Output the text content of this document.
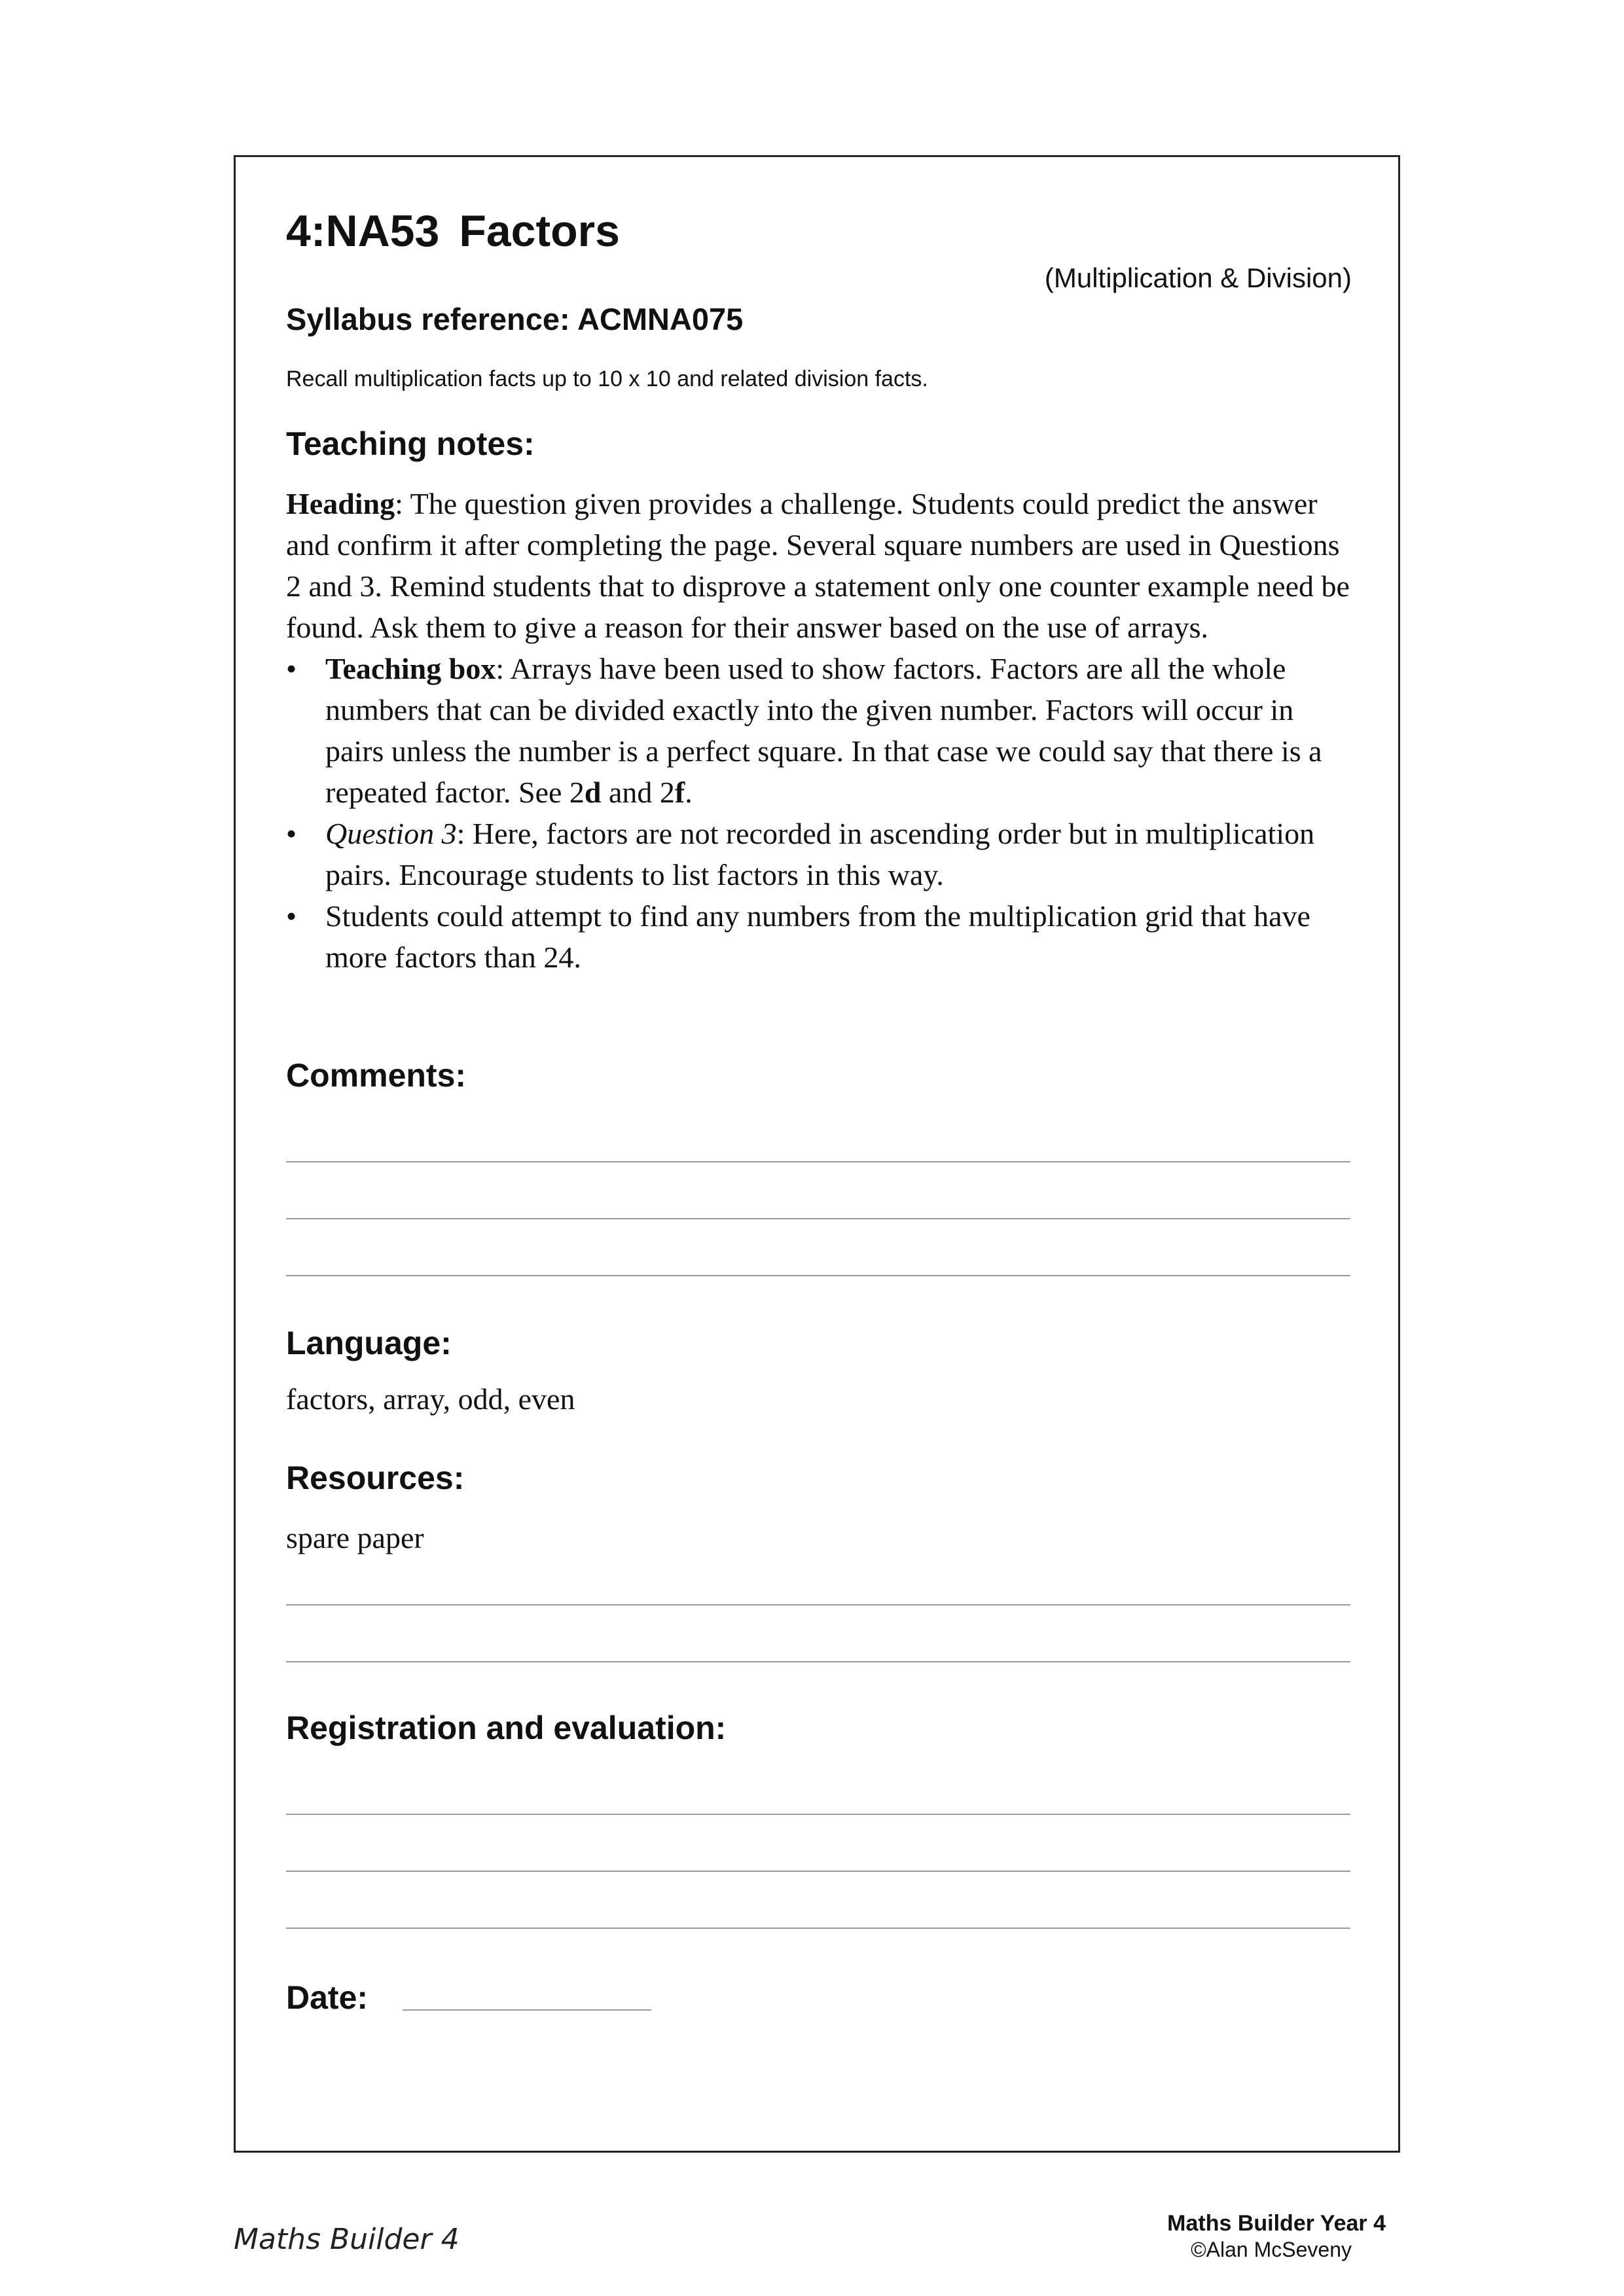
4:NA53 Factors
(Multiplication & Division)
Syllabus reference: ACMNA075
Recall multiplication facts up to 10 x 10 and related division facts.
Teaching notes:

Heading: The question given provides a challenge. Students could predict the answer and confirm it after completing the page. Several square numbers are used in Questions 2 and 3. Remind students that to disprove a statement only one counter example need be found. Ask them to give a reason for their answer based on the use of arrays.

• Teaching box: Arrays have been used to show factors. Factors are all the whole numbers that can be divided exactly into the given number. Factors will occur in pairs unless the number is a perfect square. In that case we could say that there is a repeated factor. See 2d and 2f.
• Question 3: Here, factors are not recorded in ascending order but in multiplication pairs. Encourage students to list factors in this way.
• Students could attempt to find any numbers from the multiplication grid that have more factors than 24.
Comments:
Language:
factors, array, odd, even
Resources:
spare paper
Registration and evaluation:
Date:
Maths Builder 4	Maths Builder Year 4
©Alan McSeveny
